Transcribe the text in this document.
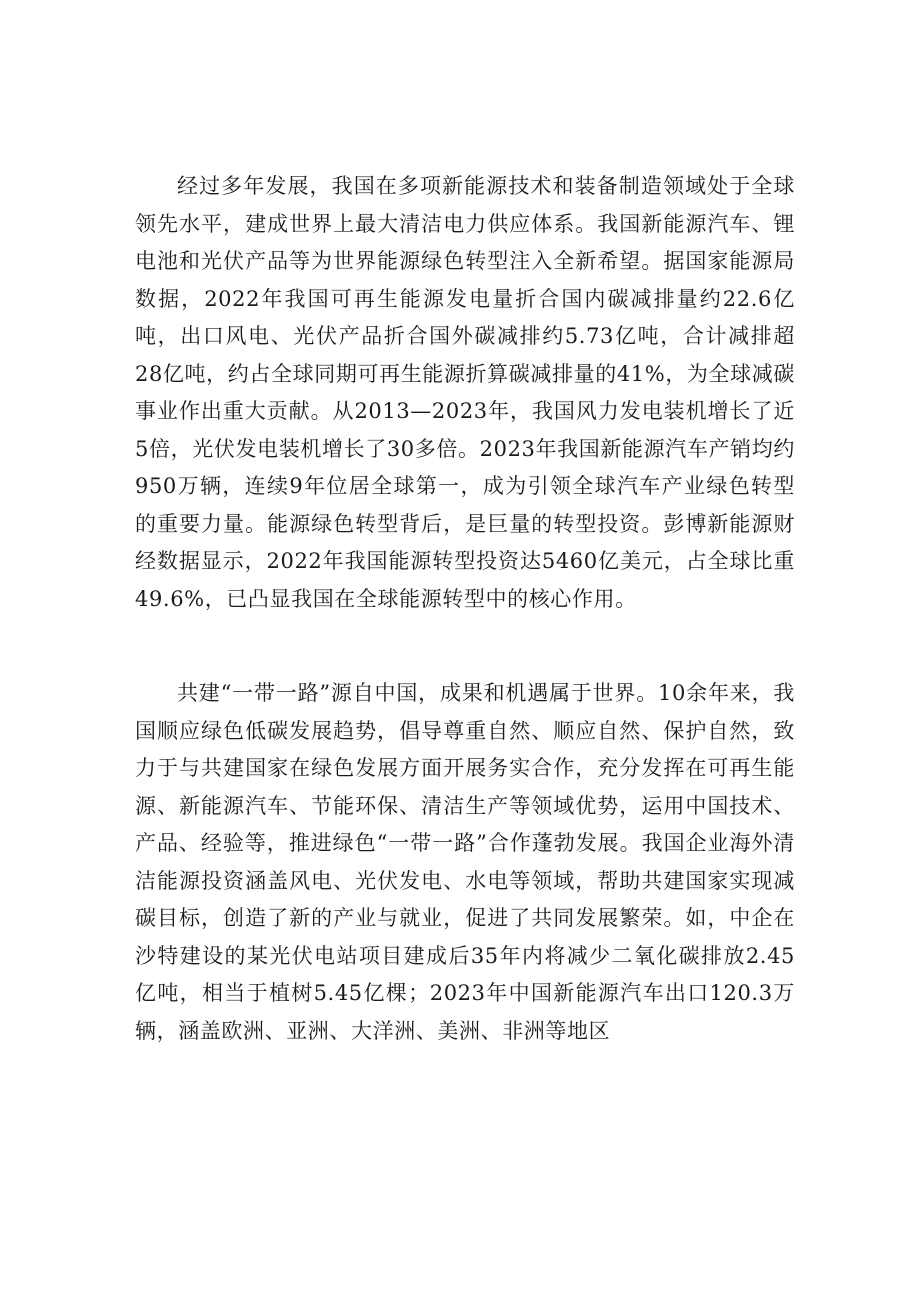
经过多年发展，我国在多项新能源技术和装备制造领域处于全球领先水平，建成世界上最大清洁电力供应体系。我国新能源汽车、锂电池和光伏产品等为世界能源绿色转型注入全新希望。据国家能源局数据，2022年我国可再生能源发电量折合国内碳减排量约22.6亿吨，出口风电、光伏产品折合国外碳减排约5.73亿吨，合计减排超28亿吨，约占全球同期可再生能源折算碳减排量的41%，为全球减碳事业作出重大贡献。从2013—2023年，我国风力发电装机增长了近5倍，光伏发电装机增长了30多倍。2023年我国新能源汽车产销均约950万辆，连续9年位居全球第一，成为引领全球汽车产业绿色转型的重要力量。能源绿色转型背后，是巨量的转型投资。彭博新能源财经数据显示，2022年我国能源转型投资达5460亿美元，占全球比重49.6%，已凸显我国在全球能源转型中的核心作用。

共建“一带一路”源自中国，成果和机遇属于世界。10余年来，我国顺应绿色低碳发展趋势，倡导尊重自然、顺应自然、保护自然，致力于与共建国家在绿色发展方面开展务实合作，充分发挥在可再生能源、新能源汽车、节能环保、清洁生产等领域优势，运用中国技术、产品、经验等，推进绿色“一带一路”合作蓬勃发展。我国企业海外清洁能源投资涵盖风电、光伏发电、水电等领域，帮助共建国家实现减碳目标，创造了新的产业与就业，促进了共同发展繁荣。如，中企在沙特建设的某光伏电站项目建成后35年内将减少二氧化碳排放2.45亿吨，相当于植树5.45亿棵；2023年中国新能源汽车出口120.3万辆，涵盖欧洲、亚洲、大洋洲、美洲、非洲等地区
